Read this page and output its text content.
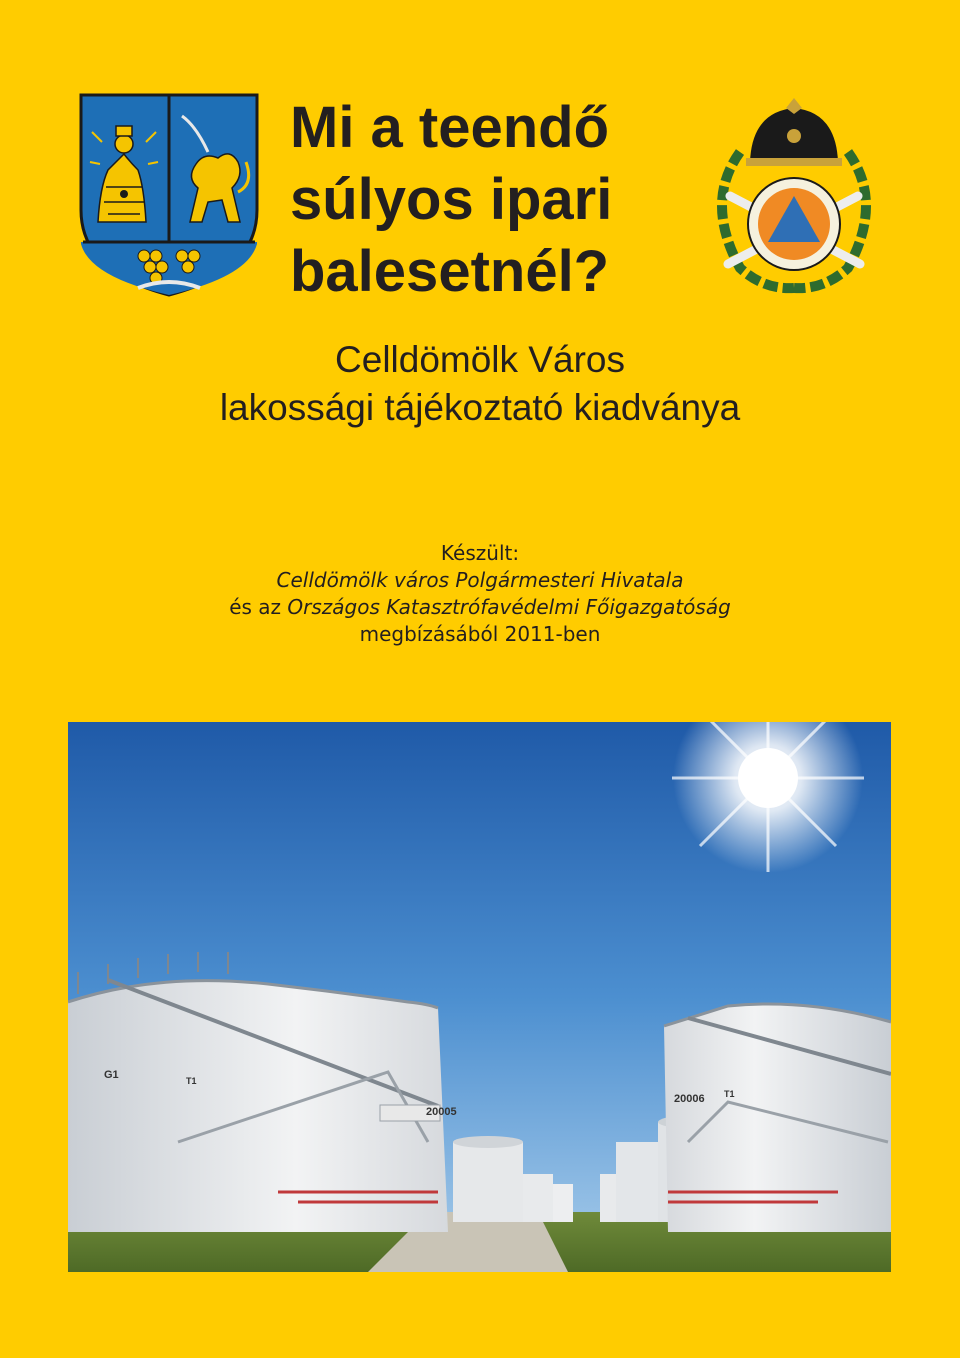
Mi a teendő
súlyos ipari
balesetnél?
Celldömölk Város
lakossági tájékoztató kiadványa
Készült:
Celldömölk város Polgármesteri Hivatala
és az Országos Katasztrófavédelmi Főigazgatóság
megbízásából 2011-ben
G1	T1
20005
20006 T1
